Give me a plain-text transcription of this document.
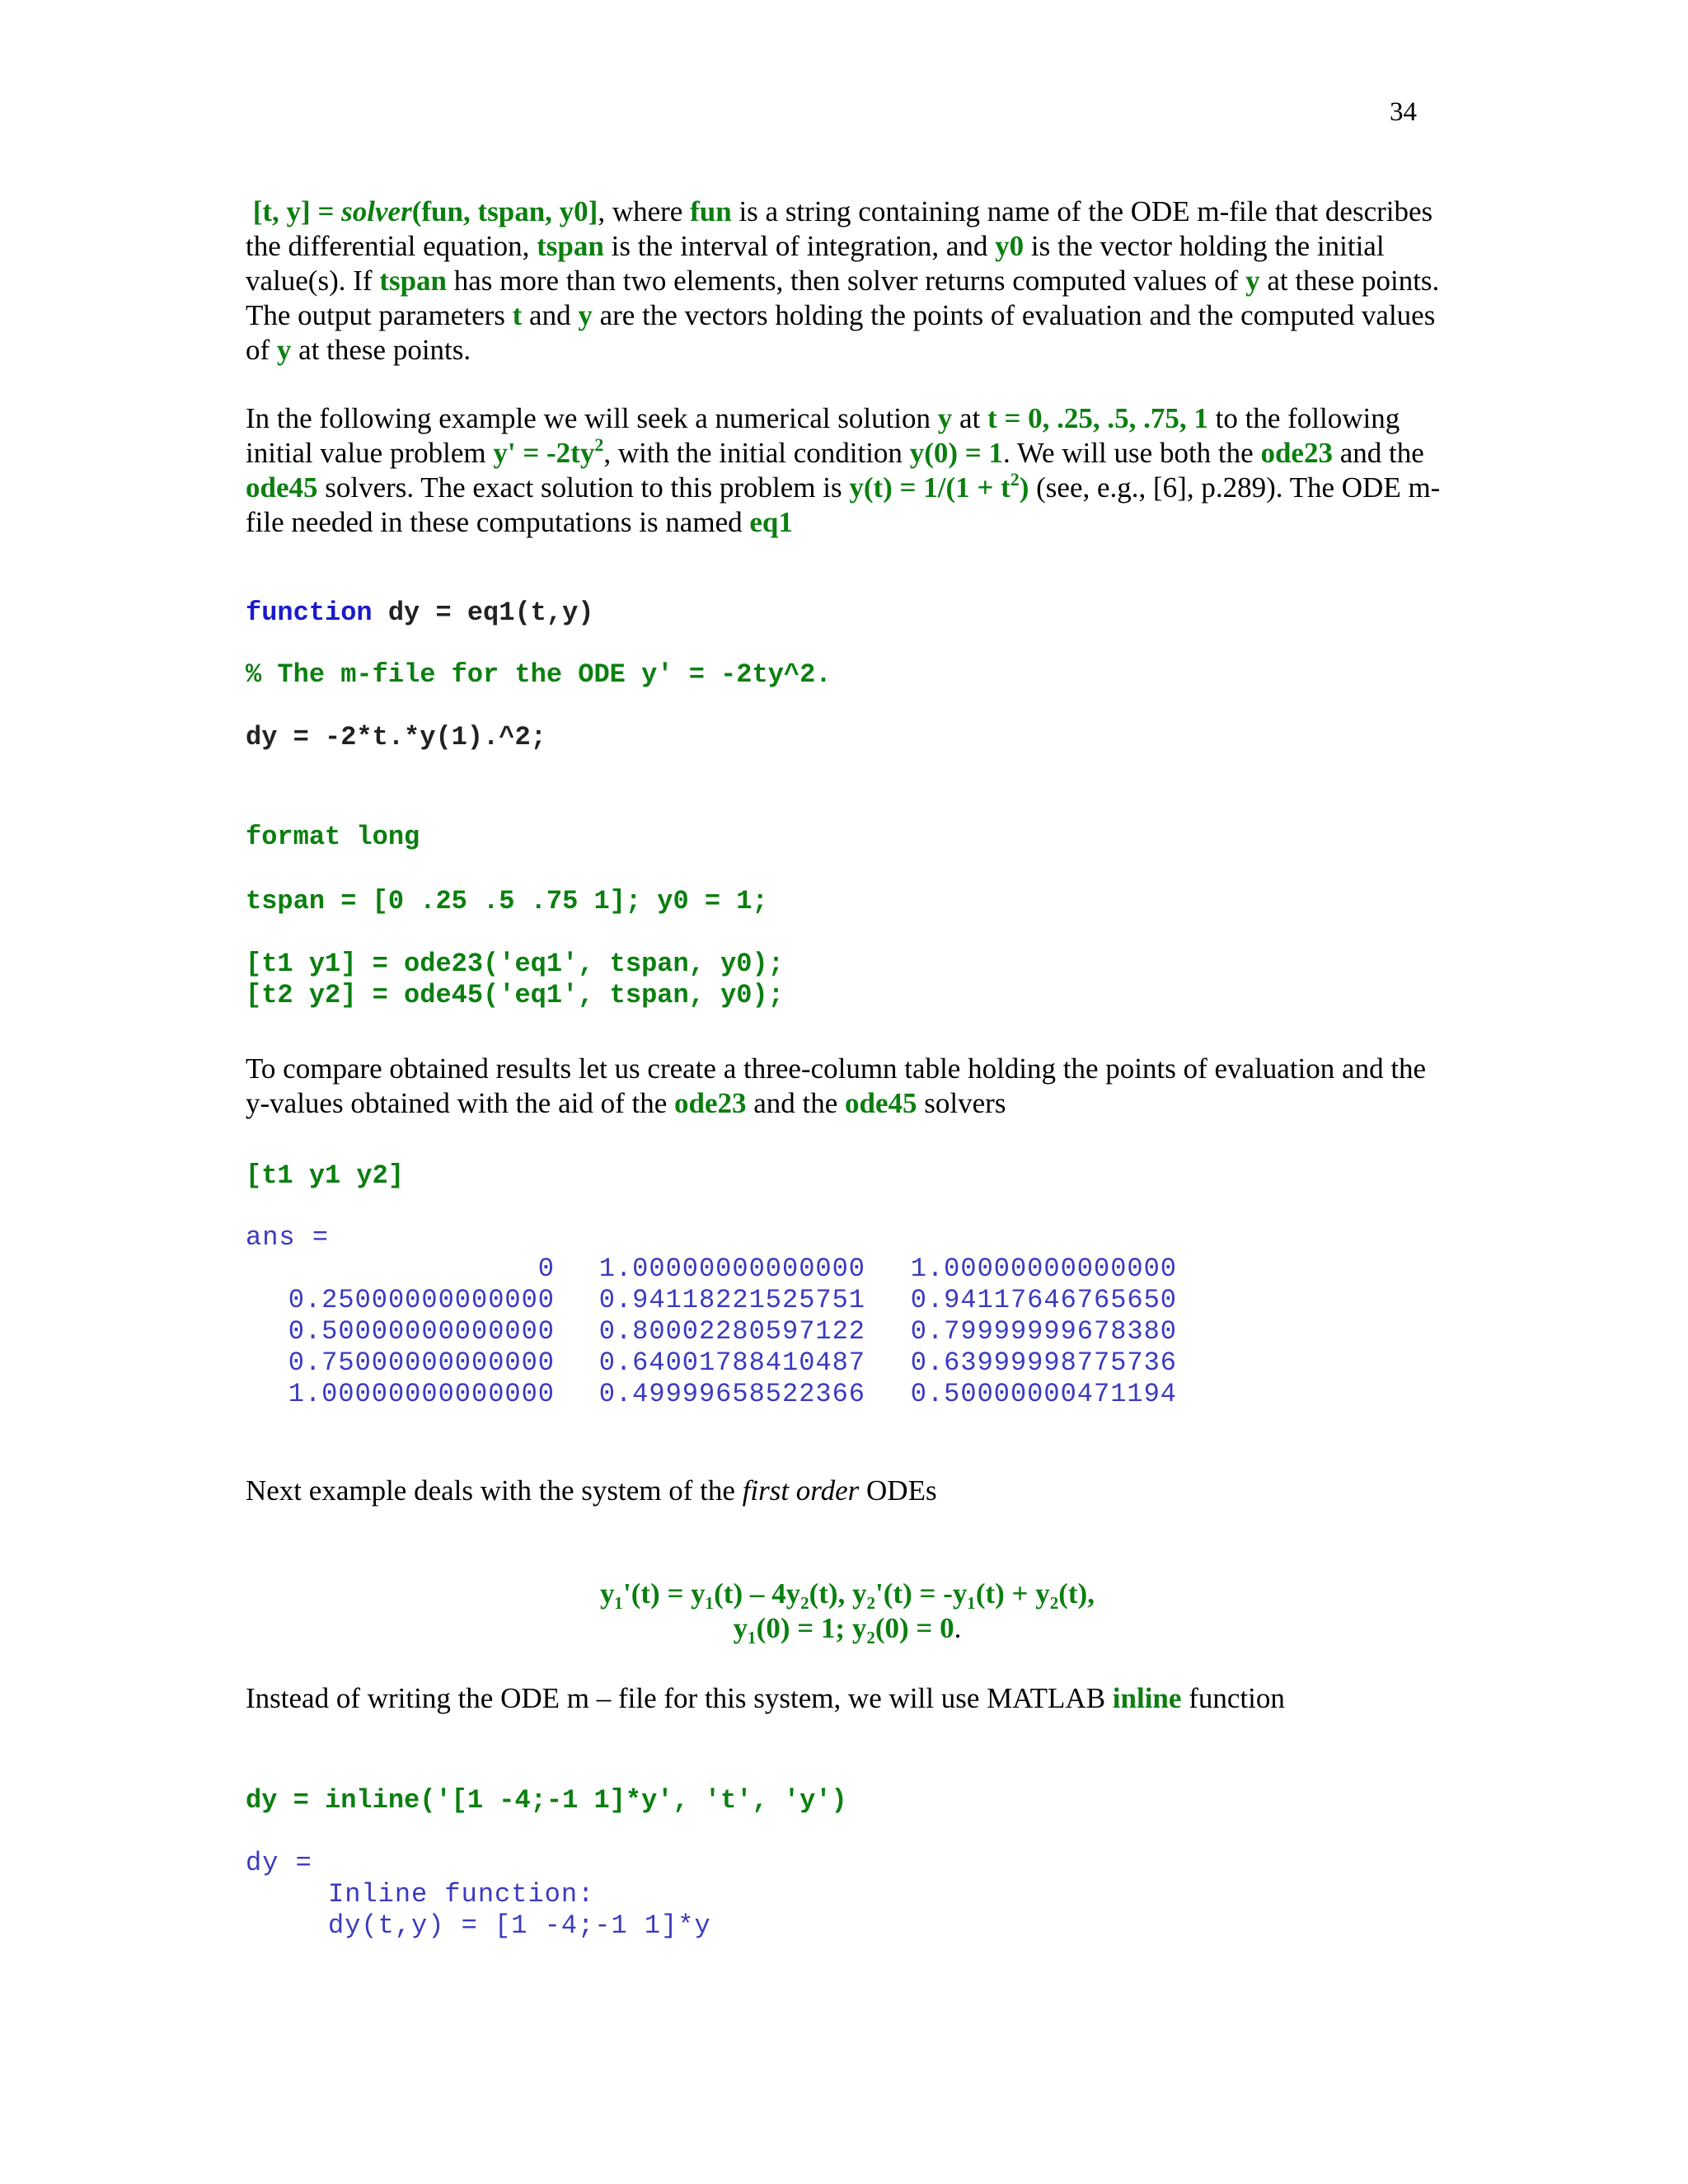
34

[t, y] = solver(fun, tspan, y0], where fun is a string containing name of the ODE m-file that describes the differential equation, tspan is the interval of integration, and y0 is the vector holding the initial value(s). If tspan has more than two elements, then solver returns computed values of y at these points. The output parameters t and y are the vectors holding the points of evaluation and the computed values of y at these points.

In the following example we will seek a numerical solution y at t = 0, .25, .5, .75, 1 to the following initial value problem $y' = -2ty^2$, with the initial condition y(0) = 1. We will use both the ode23 and the ode45 solvers. The exact solution to this problem is $y(t) = 1/(1 + t^2)$ (see, e.g., [6], p.289). The ODE m-file needed in these computations is named eq1

function dy = eq1(t,y)
% The m-file for the ODE y' = -2ty^2.
dy = -2*t.*y(1).^2;
format long
tspan = [0 .25 .5 .75 1]; y0 = 1;
[t1 y1] = ode23('eq1', tspan, y0);
[t2 y2] = ode45('eq1', tspan, y0);

To compare obtained results let us create a three-column table holding the points of evaluation and the y-values obtained with the aid of the ode23 and the ode45 solvers

[t1 y1 y2]
ans =
0 1.00000000000000 1.00000000000000
0.25000000000000 0.94118221525751 0.94117646765650
0.50000000000000 0.80002280597122 0.79999999678380
0.75000000000000 0.64001788410487 0.63999998775736
1.00000000000000 0.49999658522366 0.50000000471194

Next example deals with the system of the first order ODEs

y₁'(t) = y₁(t) – 4y₂(t), y₂'(t) = -y₁(t) + y₂(t),
y₁(0) = 1; y₂(0) = 0.

Instead of writing the ODE m – file for this system, we will use MATLAB inline function

dy = inline('[1 -4;-1 1]*y', 't', 'y')
dy =
Inline function:
dy(t,y) = [1 -4;-1 1]*y
